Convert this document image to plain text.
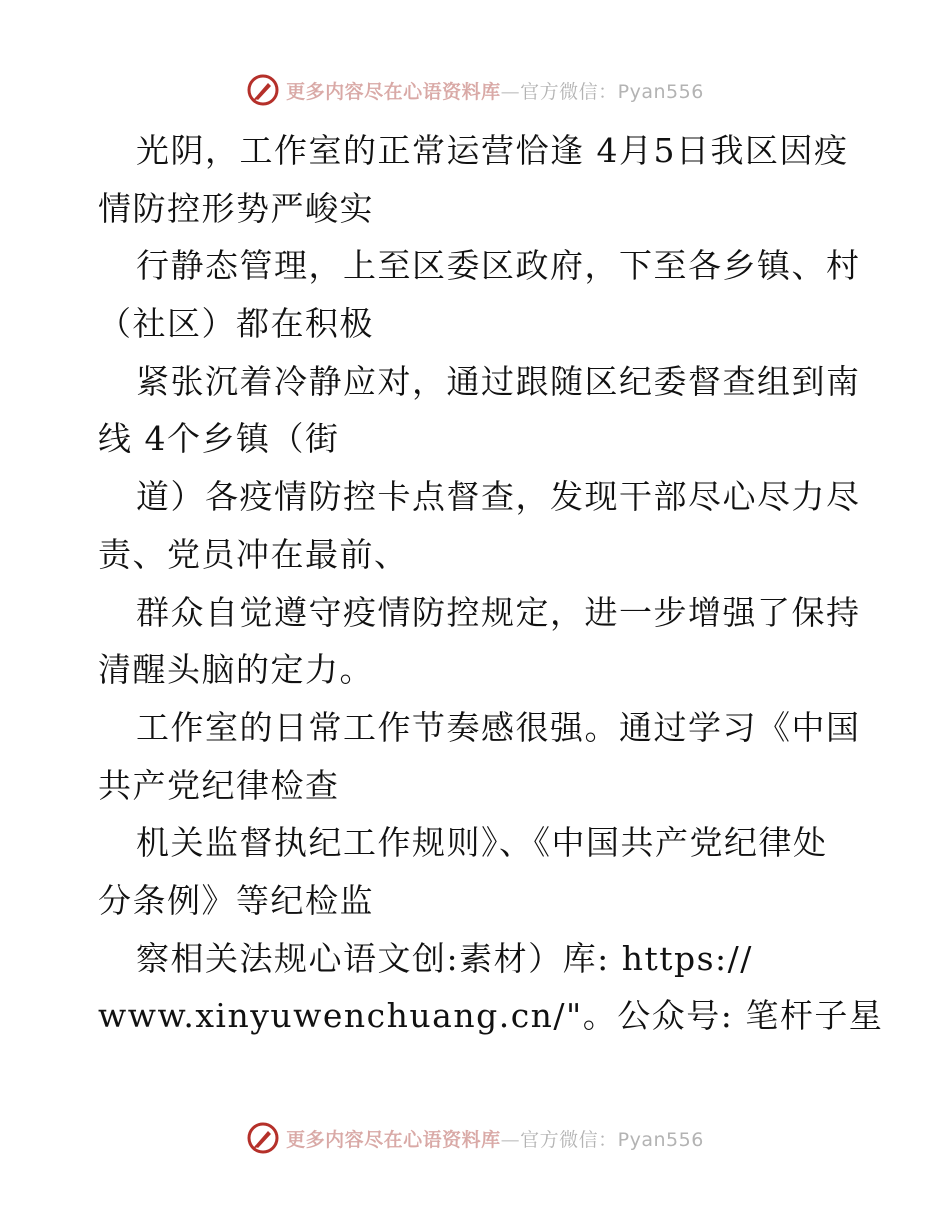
更多内容尽在心语资料库—官方微信：Pyan556
光阴，工作室的正常运营恰逢 4月5日我区因疫
情防控形势严峻实
行静态管理，上至区委区政府，下至各乡镇、村
（社区）都在积极
紧张沉着冷静应对，通过跟随区纪委督查组到南
线 4个乡镇（街
道）各疫情防控卡点督查，发现干部尽心尽力尽
责、党员冲在最前、
群众自觉遵守疫情防控规定，进一步增强了保持
清醒头脑的定力。
工作室的日常工作节奏感很强。通过学习《中国
共产党纪律检查
机关监督执纪工作规则》、《中国共产党纪律处
分条例》等纪检监
察相关法规心语文创:素材）库: https://
www.xinyuwenchuang.cn/"。公众号: 笔杆子星
更多内容尽在心语资料库—官方微信：Pyan556
